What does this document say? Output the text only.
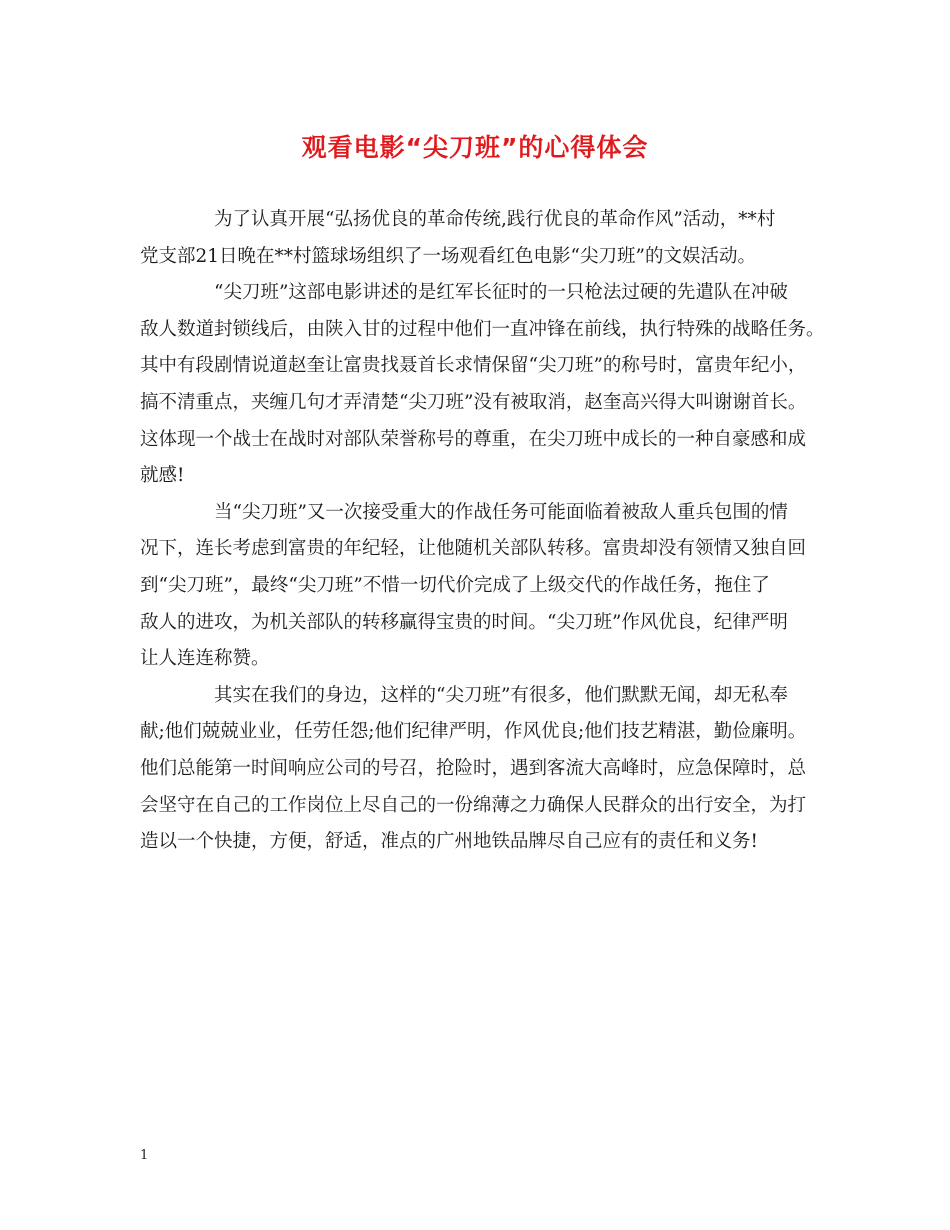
观看电影“尖刀班”的心得体会
为了认真开展“弘扬优良的革命传统,践行优良的革命作风”活动，**村
党支部21日晚在**村篮球场组织了一场观看红色电影“尖刀班”的文娱活动。
“尖刀班”这部电影讲述的是红军长征时的一只枪法过硬的先遣队在冲破
敌人数道封锁线后，由陕入甘的过程中他们一直冲锋在前线，执行特殊的战略任务。
其中有段剧情说道赵奎让富贵找聂首长求情保留“尖刀班”的称号时，富贵年纪小，
搞不清重点，夹缠几句才弄清楚“尖刀班”没有被取消，赵奎高兴得大叫谢谢首长。
这体现一个战士在战时对部队荣誉称号的尊重，在尖刀班中成长的一种自豪感和成
就感!
当“尖刀班”又一次接受重大的作战任务可能面临着被敌人重兵包围的情
况下，连长考虑到富贵的年纪轻，让他随机关部队转移。富贵却没有领情又独自回
到“尖刀班”，最终“尖刀班”不惜一切代价完成了上级交代的作战任务，拖住了
敌人的进攻，为机关部队的转移赢得宝贵的时间。“尖刀班”作风优良，纪律严明
让人连连称赞。
其实在我们的身边，这样的“尖刀班”有很多，他们默默无闻，却无私奉
献;他们兢兢业业，任劳任怨;他们纪律严明，作风优良;他们技艺精湛，勤俭廉明。
他们总能第一时间响应公司的号召，抢险时，遇到客流大高峰时，应急保障时，总
会坚守在自己的工作岗位上尽自己的一份绵薄之力确保人民群众的出行安全，为打
造以一个快捷，方便，舒适，准点的广州地铁品牌尽自己应有的责任和义务!
1
